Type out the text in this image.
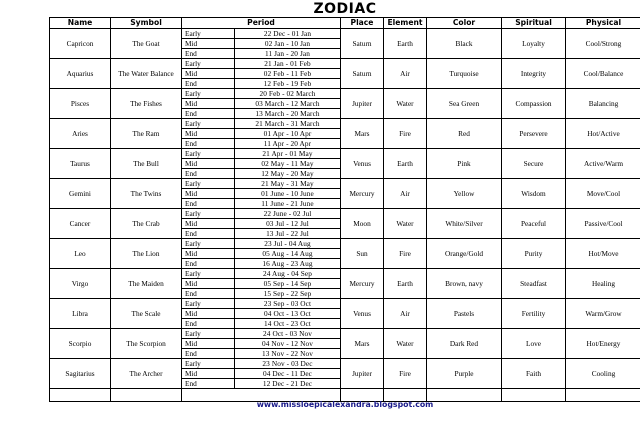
ZODIAC
Name	Symbol	Period		Place	Element	Color	Spiritual	Physical
Capricon	The Goat	Early	22 Dec - 01 Jan	Saturn	Earth	Black	Loyalty	Cool/Strong
		Mid	02 Jan - 10 Jan					
		End	11 Jan - 20 Jan					
Aquarius	The Water Balance	Early	21 Jan - 01 Feb	Saturn	Air	Turquoise	Integrity	Cool/Balance
		Mid	02 Feb - 11 Feb					
		End	12 Feb - 19 Feb					
Pisces	The Fishes	Early	20 Feb - 02 March	Jupiter	Water	Sea Green	Compassion	Balancing
		Mid	03 March - 12 March					
		End	13 March - 20 March					
Aries	The Ram	Early	21 March - 31 March	Mars	Fire	Red	Persevere	Hot/Active
		Mid	01 Apr - 10 Apr					
		End	11 Apr - 20 Apr					
Taurus	The Bull	Early	21 Apr - 01 May	Venus	Earth	Pink	Secure	Active/Warm
		Mid	02 May - 11 May					
		End	12 May - 20 May					
Gemini	The Twins	Early	21 May - 31 May	Mercury	Air	Yellow	Wisdom	Move/Cool
		Mid	01 June - 10 June					
		End	11 June - 21 June					
Cancer	The Crab	Early	22 June - 02 Jul	Moon	Water	White/Silver	Peaceful	Passive/Cool
		Mid	03 Jul - 12 Jul					
		End	13 Jul - 22 Jul					
Leo	The Lion	Early	23 Jul - 04 Aug	Sun	Fire	Orange/Gold	Purity	Hot/Move
		Mid	05 Aug - 14 Aug					
		End	16 Aug - 23 Aug					
Virgo	The Maiden	Early	24 Aug - 04 Sep	Mercury	Earth	Brown, navy	Steadfast	Healing
		Mid	05 Sep - 14 Sep					
		End	15 Sep - 22 Sep					
Libra	The Scale	Early	23 Sep - 03 Oct	Venus	Air	Pastels	Fertility	Warm/Grow
		Mid	04 Oct - 13 Oct					
		End	14 Oct - 23 Oct					
Scorpio	The Scorpion	Early	24 Oct - 03 Nov	Mars	Water	Dark Red	Love	Hot/Energy
		Mid	04 Nov - 12 Nov					
		End	13 Nov - 22 Nov					
Sagitarius	The Archer	Early	23 Nov - 03 Dec	Jupiter	Fire	Purple	Faith	Cooling
		Mid	04 Dec - 11 Dec					
		End	12 Dec - 21 Dec					

www.missloepicalexandra.blogspot.com
